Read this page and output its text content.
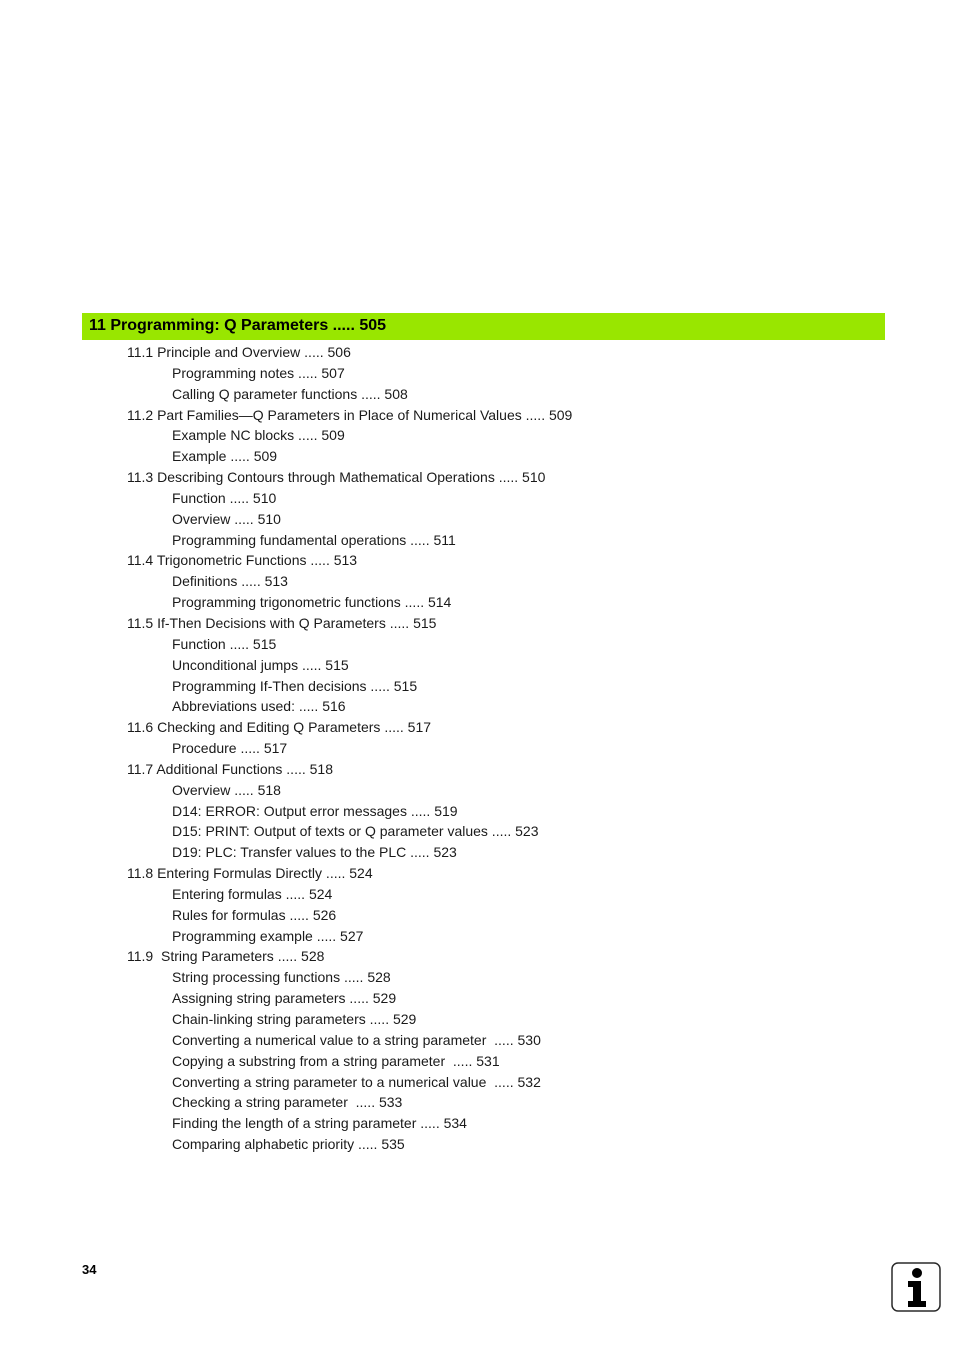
11 Programming: Q Parameters ..... 505
11.1 Principle and Overview ..... 506
Programming notes ..... 507
Calling Q parameter functions ..... 508
11.2 Part Families—Q Parameters in Place of Numerical Values ..... 509
Example NC blocks ..... 509
Example ..... 509
11.3 Describing Contours through Mathematical Operations ..... 510
Function ..... 510
Overview ..... 510
Programming fundamental operations ..... 511
11.4 Trigonometric Functions ..... 513
Definitions ..... 513
Programming trigonometric functions ..... 514
11.5 If-Then Decisions with Q Parameters ..... 515
Function ..... 515
Unconditional jumps ..... 515
Programming If-Then decisions ..... 515
Abbreviations used: ..... 516
11.6 Checking and Editing Q Parameters ..... 517
Procedure ..... 517
11.7 Additional Functions ..... 518
Overview ..... 518
D14: ERROR: Output error messages ..... 519
D15: PRINT: Output of texts or Q parameter values ..... 523
D19: PLC: Transfer values to the PLC ..... 523
11.8 Entering Formulas Directly ..... 524
Entering formulas ..... 524
Rules for formulas ..... 526
Programming example ..... 527
11.9  String Parameters ..... 528
String processing functions ..... 528
Assigning string parameters ..... 529
Chain-linking string parameters ..... 529
Converting a numerical value to a string parameter  ..... 530
Copying a substring from a string parameter  ..... 531
Converting a string parameter to a numerical value  ..... 532
Checking a string parameter  ..... 533
Finding the length of a string parameter ..... 534
Comparing alphabetic priority ..... 535
34
